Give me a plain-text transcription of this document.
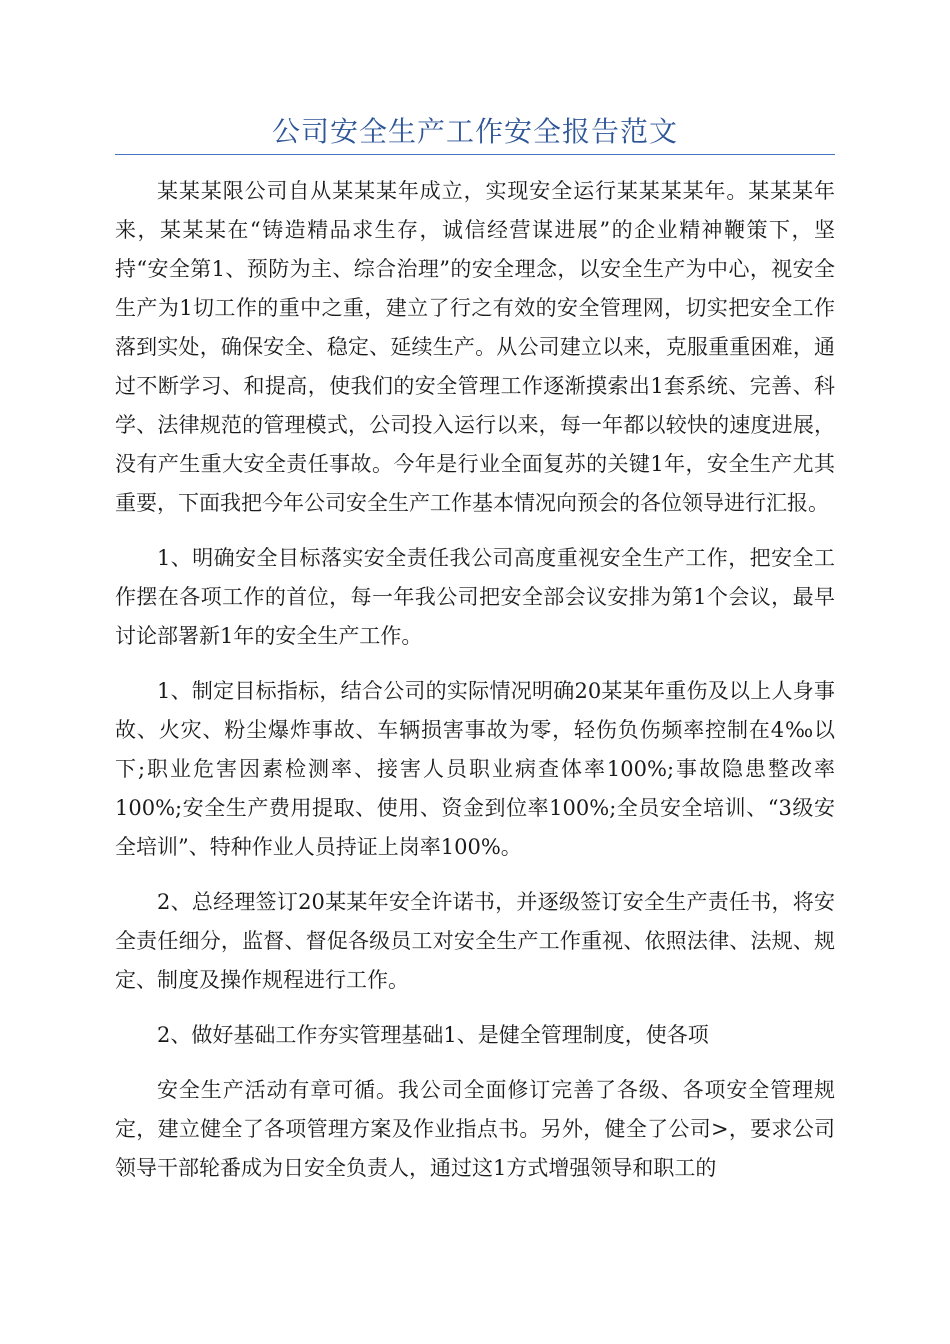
公司安全生产工作安全报告范文

某某某限公司自从某某某年成立，实现安全运行某某某某年。某某某年来，某某某在“铸造精品求生存，诚信经营谋进展”的企业精神鞭策下，坚持“安全第1、预防为主、综合治理”的安全理念，以安全生产为中心，视安全生产为1切工作的重中之重，建立了行之有效的安全管理网，切实把安全工作落到实处，确保安全、稳定、延续生产。从公司建立以来，克服重重困难，通过不断学习、和提高，使我们的安全管理工作逐渐摸索出1套系统、完善、科学、法律规范的管理模式，公司投入运行以来，每一年都以较快的速度进展，没有产生重大安全责任事故。今年是行业全面复苏的关键1年，安全生产尤其重要，下面我把今年公司安全生产工作基本情况向预会的各位领导进行汇报。

1、明确安全目标落实安全责任我公司高度重视安全生产工作，把安全工作摆在各项工作的首位，每一年我公司把安全部会议安排为第1个会议，最早讨论部署新1年的安全生产工作。

1、制定目标指标，结合公司的实际情况明确20某某年重伤及以上人身事故、火灾、粉尘爆炸事故、车辆损害事故为零，轻伤负伤频率控制在4‰以下;职业危害因素检测率、接害人员职业病查体率100%;事故隐患整改率100%;安全生产费用提取、使用、资金到位率100%;全员安全培训、“3级安全培训”、特种作业人员持证上岗率100%。

2、总经理签订20某某年安全许诺书，并逐级签订安全生产责任书，将安全责任细分，监督、督促各级员工对安全生产工作重视、依照法律、法规、规定、制度及操作规程进行工作。

2、做好基础工作夯实管理基础1、是健全管理制度，使各项

安全生产活动有章可循。我公司全面修订完善了各级、各项安全管理规定，建立健全了各项管理方案及作业指点书。另外，健全了公司>，要求公司领导干部轮番成为日安全负责人，通过这1方式增强领导和职工的
